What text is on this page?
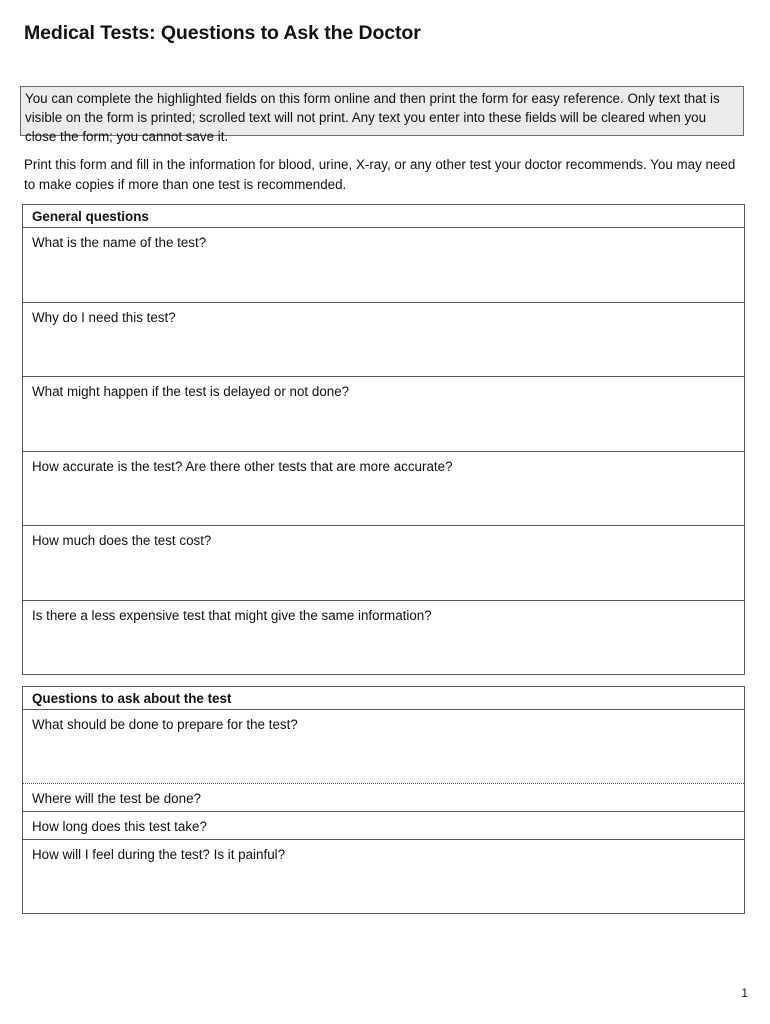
Medical Tests: Questions to Ask the Doctor
You can complete the highlighted fields on this form online and then print the form for easy reference. Only text that is visible on the form is printed; scrolled text will not print. Any text you enter into these fields will be cleared when you close the form; you cannot save it.
Print this form and fill in the information for blood, urine, X-ray, or any other test your doctor recommends. You may need to make copies if more than one test is recommended.
General questions
What is the name of the test?
Why do I need this test?
What might happen if the test is delayed or not done?
How accurate is the test? Are there other tests that are more accurate?
How much does the test cost?
Is there a less expensive test that might give the same information?
Questions to ask about the test
What should be done to prepare for the test?
Where will the test be done?
How long does this test take?
How will I feel during the test? Is it painful?
1
